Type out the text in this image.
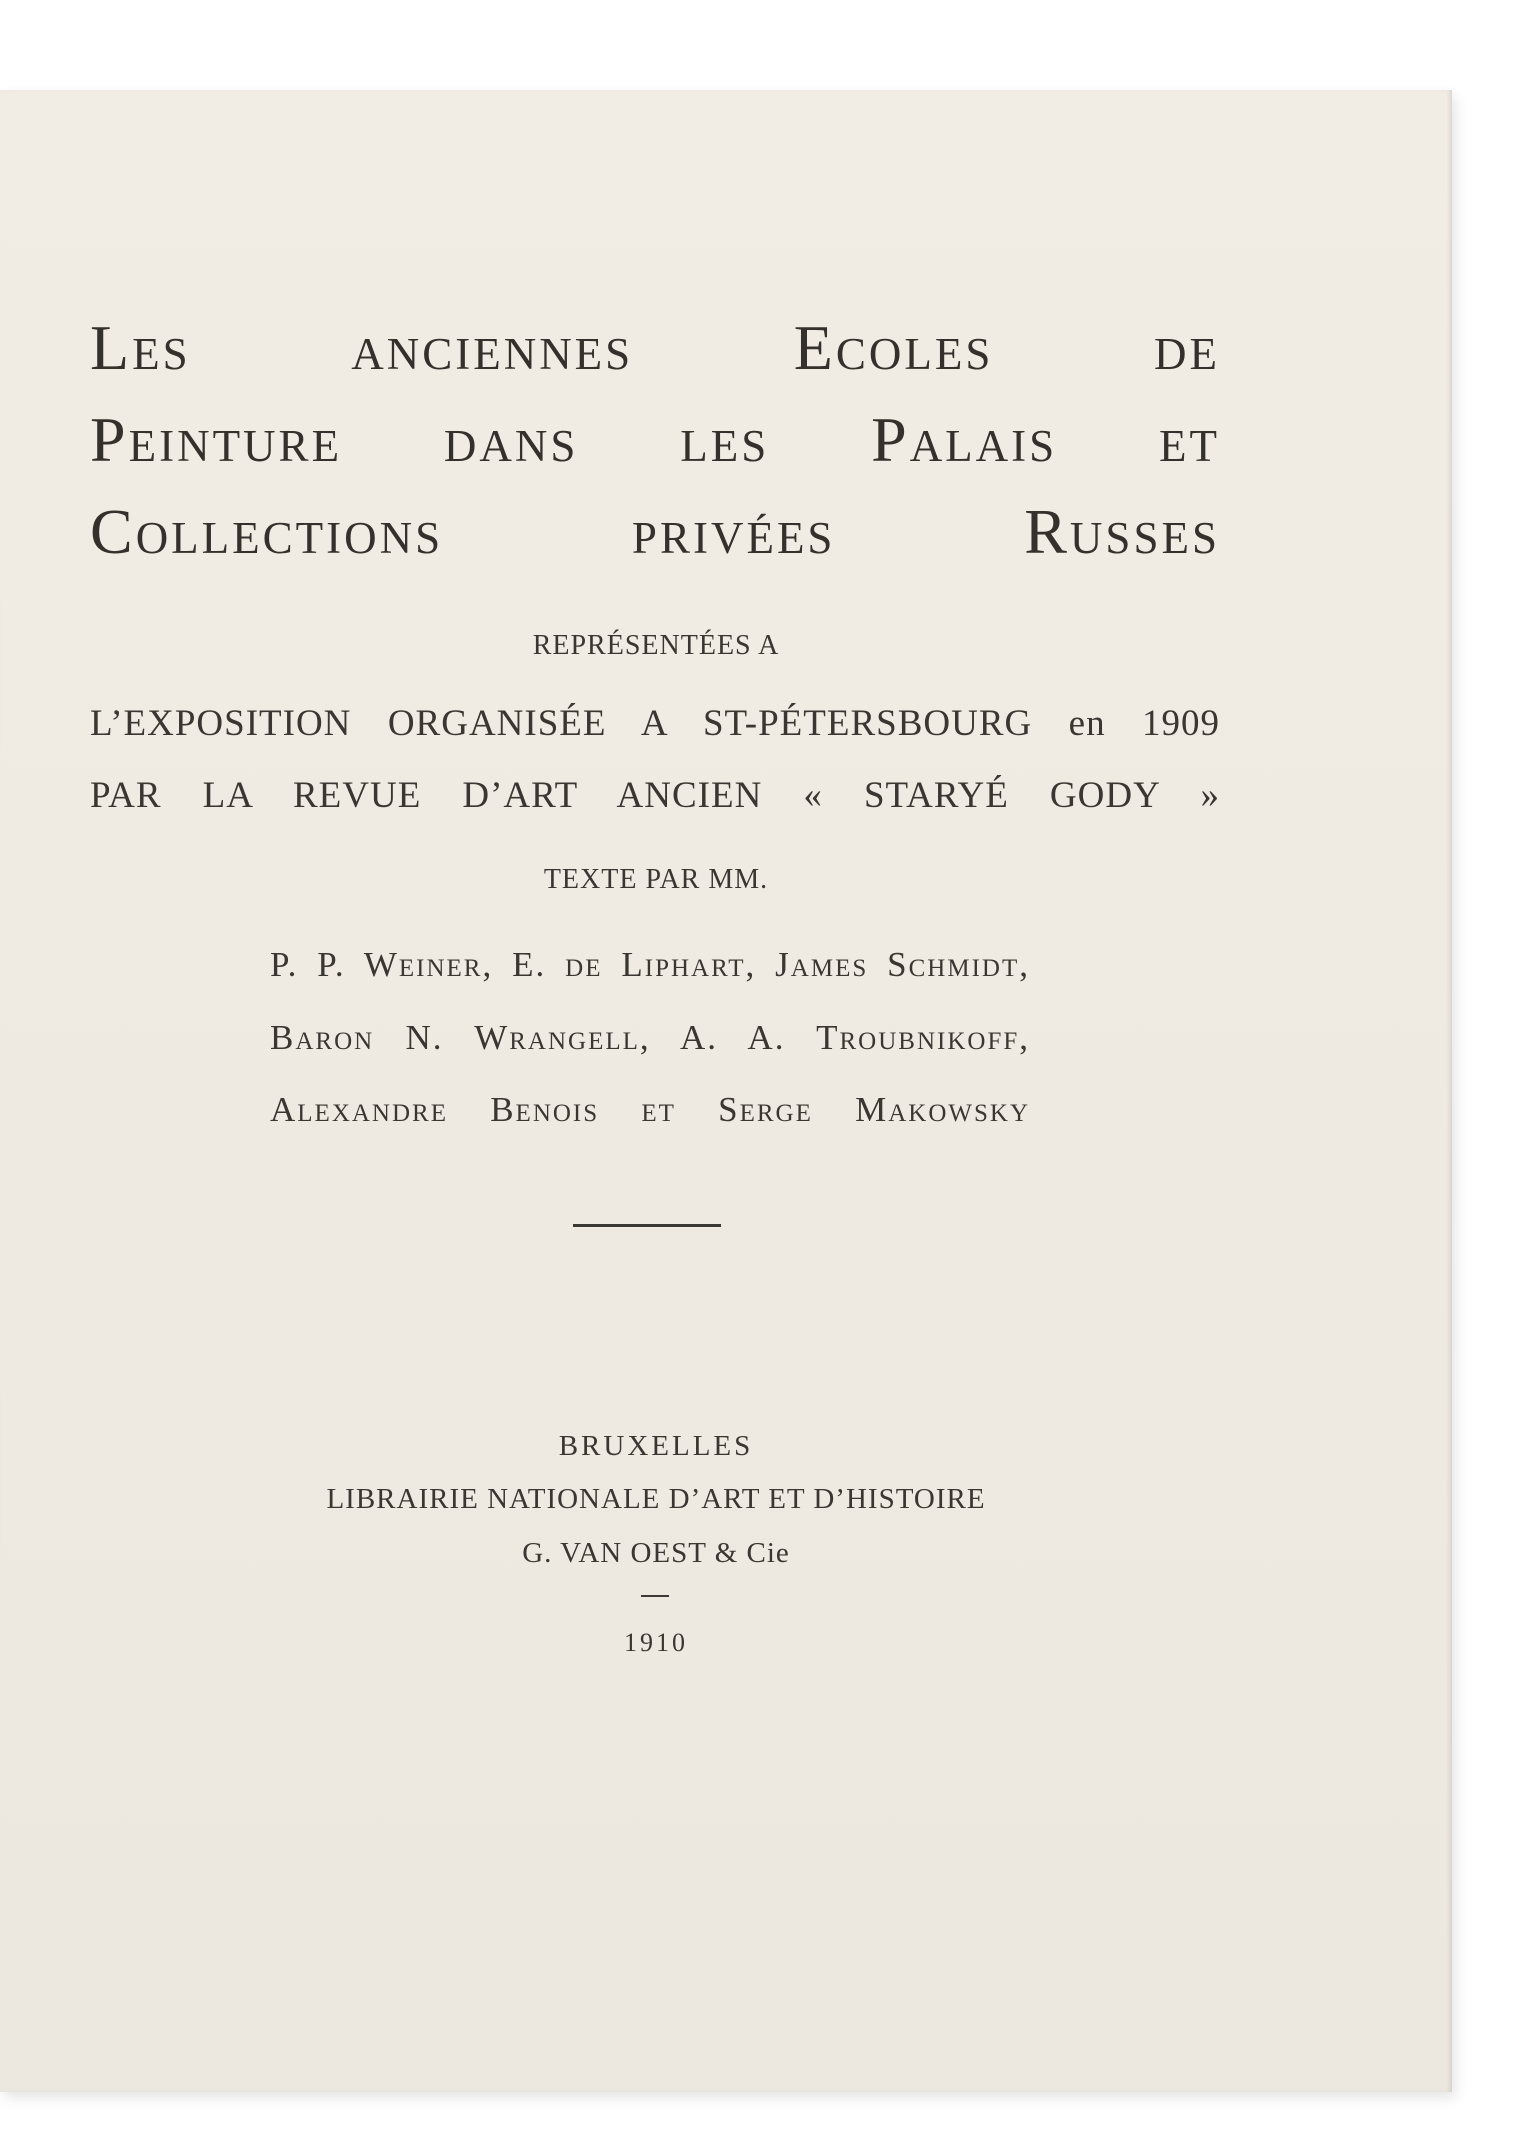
Les anciennes Ecoles de
Peinture dans les Palais et
Collections privées Russes
REPRÉSENTÉES A
L’EXPOSITION ORGANISÉE A ST-PÉTERSBOURG en 1909
PAR LA REVUE D’ART ANCIEN « STARYÉ GODY »
TEXTE PAR MM.
P. P. Weiner, E. de Liphart, James Schmidt,
Baron N. Wrangell, A. A. Troubnikoff,
Alexandre Benois et Serge Makowsky
BRUXELLES
LIBRAIRIE NATIONALE D’ART ET D’HISTOIRE
G. VAN OEST & Cie
1910
